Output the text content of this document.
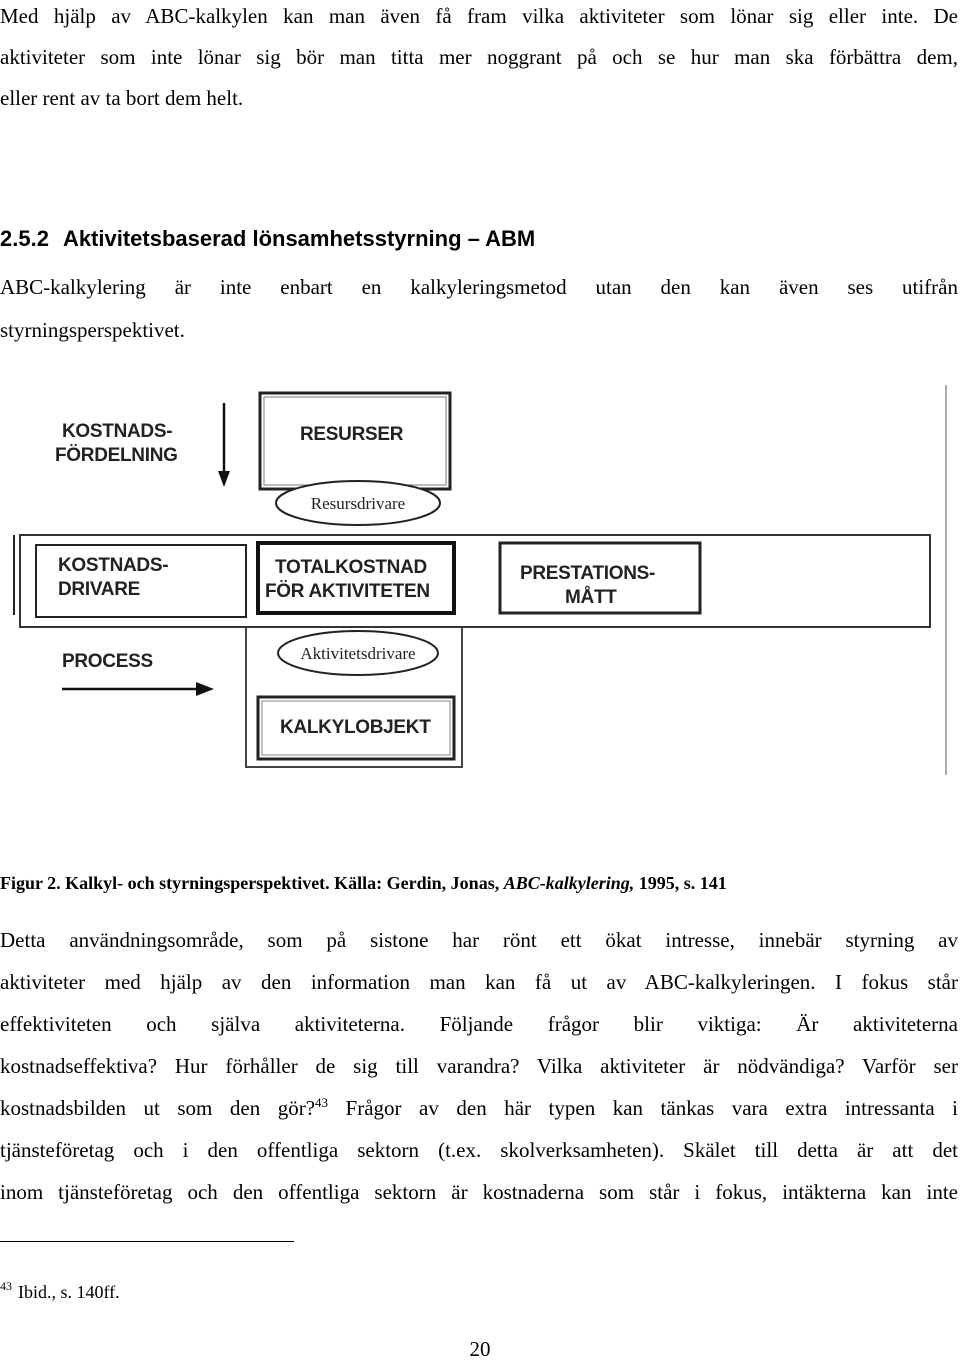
Med hjälp av ABC-kalkylen kan man även få fram vilka aktiviteter som lönar sig eller inte. De
aktiviteter som inte lönar sig bör man titta mer noggrant på och se hur man ska förbättra dem,
eller rent av ta bort dem helt.
2.5.2 Aktivitetsbaserad lönsamhetsstyrning – ABM
ABC-kalkylering är inte enbart en kalkyleringsmetod utan den kan även ses utifrån
styrningsperspektivet.
KOSTNADS-
FÖRDELNING
RESURSER
Resursdrivare
KOSTNADS-
DRIVARE
TOTALKOSTNAD
FÖR AKTIVITETEN
PRESTATIONS-
MÅTT
Aktivitetsdrivare
PROCESS
KALKYLOBJEKT
Figur 2. Kalkyl- och styrningsperspektivet. Källa: Gerdin, Jonas, ABC-kalkylering, 1995, s. 141
Detta användningsområde, som på sistone har rönt ett ökat intresse, innebär styrning av
aktiviteter med hjälp av den information man kan få ut av ABC-kalkyleringen. I fokus står
effektiviteten och själva aktiviteterna. Följande frågor blir viktiga: Är aktiviteterna
kostnadseffektiva? Hur förhåller de sig till varandra? Vilka aktiviteter är nödvändiga? Varför ser
kostnadsbilden ut som den gör?$^{43}$ Frågor av den här typen kan tänkas vara extra intressanta i
tjänsteföretag och i den offentliga sektorn (t.ex. skolverksamheten). Skälet till detta är att det
inom tjänsteföretag och den offentliga sektorn är kostnaderna som står i fokus, intäkterna kan inte
$^{43}$ Ibid., s. 140ff.
20
